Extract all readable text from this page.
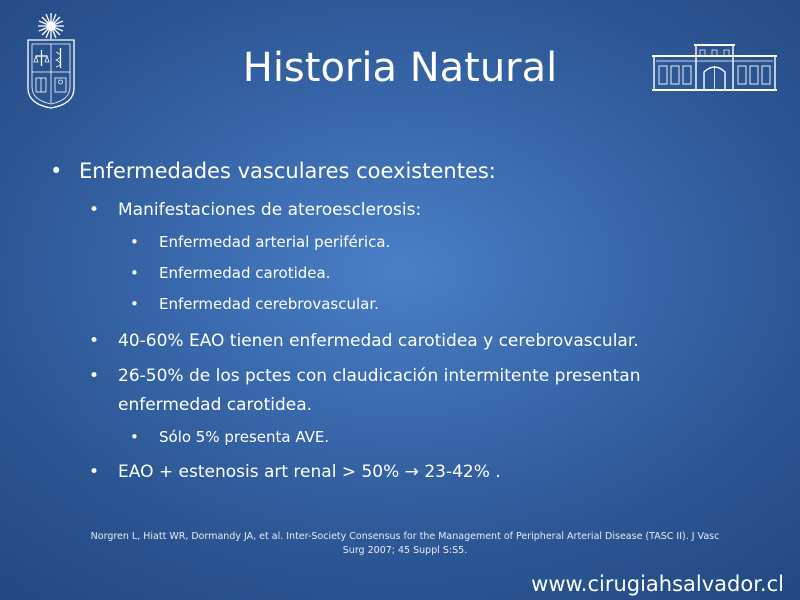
Historia Natural
• Enfermedades vasculares coexistentes:
• Manifestaciones de ateroesclerosis:
• Enfermedad arterial periférica.
• Enfermedad carotidea.
• Enfermedad cerebrovascular.
• 40-60% EAO tienen enfermedad carotidea y cerebrovascular.
• 26-50% de los pctes con claudicación intermitente presentan
enfermedad carotidea.
• Sólo 5% presenta AVE.
• EAO + estenosis art renal > 50% → 23-42% .
Norgren L, Hiatt WR, Dormandy JA, et al. Inter-Society Consensus for the Management of Peripheral Arterial Disease (TASC II). J Vasc
Surg 2007; 45 Suppl S:S5.
www.cirugiahsalvador.cl
